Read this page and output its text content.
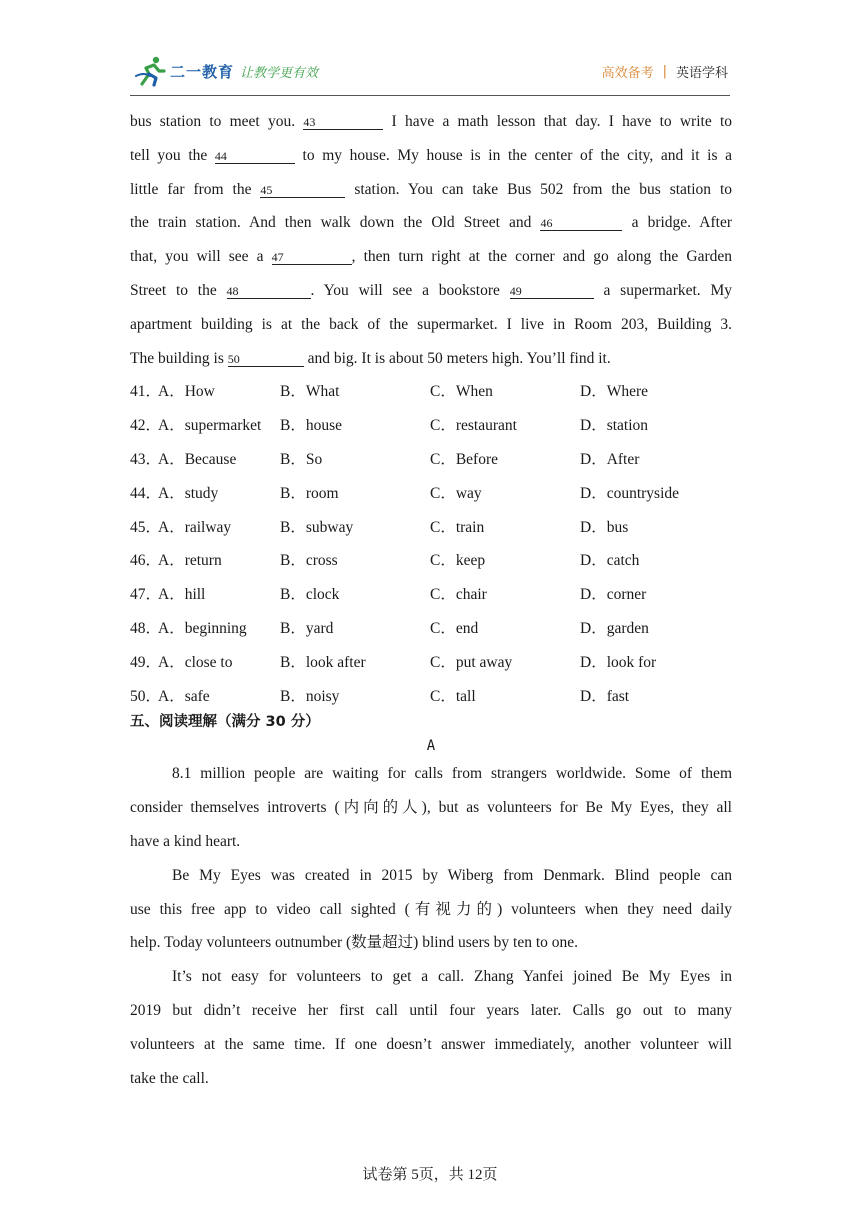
二一教育 让教学更有效	高效备考 | 英语学科
bus station to meet you. 43	I have a math lesson that day. I have to write to
tell you the 44	to my house. My house is in the center of the city, and it is a
little far from the 45	station. You can take Bus 502 from the bus station to
the train station. And then walk down the Old Street and 46	a bridge. After
that, you will see a 47	, then turn right at the corner and go along the Garden
Street to the 48	. You will see a bookstore 49	a supermarket. My
apartment building is at the back of the supermarket. I live in Room 203, Building 3.
The building is 50	and big. It is about 50 meters high. You’ll find it.
41．
A．How	B．What	C．When	D．Where
42．
A．supermarket B．house	C．restaurant	D．station
43．
A．Because	B．So	C．Before	D．After
44．
A．study	B．room	C．way	D．countryside
45．
A．railway	B．subway	C．train	D．bus
46．
A．return	B．cross	C．keep	D．catch
47．
A．hill	B．clock	C．chair	D．corner
48．
A．beginning B．yard	C．end	D．garden
49．
A．close to	B．look after	C．put away	D．look for
50．
A．safe	B．noisy	C．tall	D．fast
五、阅读理解（满分 30 分）
A
8.1 million people are waiting for calls from strangers worldwide. Some of them
consider themselves introverts (内向的人), but as volunteers for Be My Eyes, they all
have a kind heart.
Be My Eyes was created in 2015 by Wiberg from Denmark. Blind people can
use this free app to video call sighted (有视力的) volunteers when they need daily
help. Today volunteers outnumber (数量超过) blind users by ten to one.
It’s not easy for volunteers to get a call. Zhang Yanfei joined Be My Eyes in
2019 but didn’t receive her first call until four years later. Calls go out to many
volunteers at the same time. If one doesn’t answer immediately, another volunteer will
take the call.
试卷第 5页，共 12页
